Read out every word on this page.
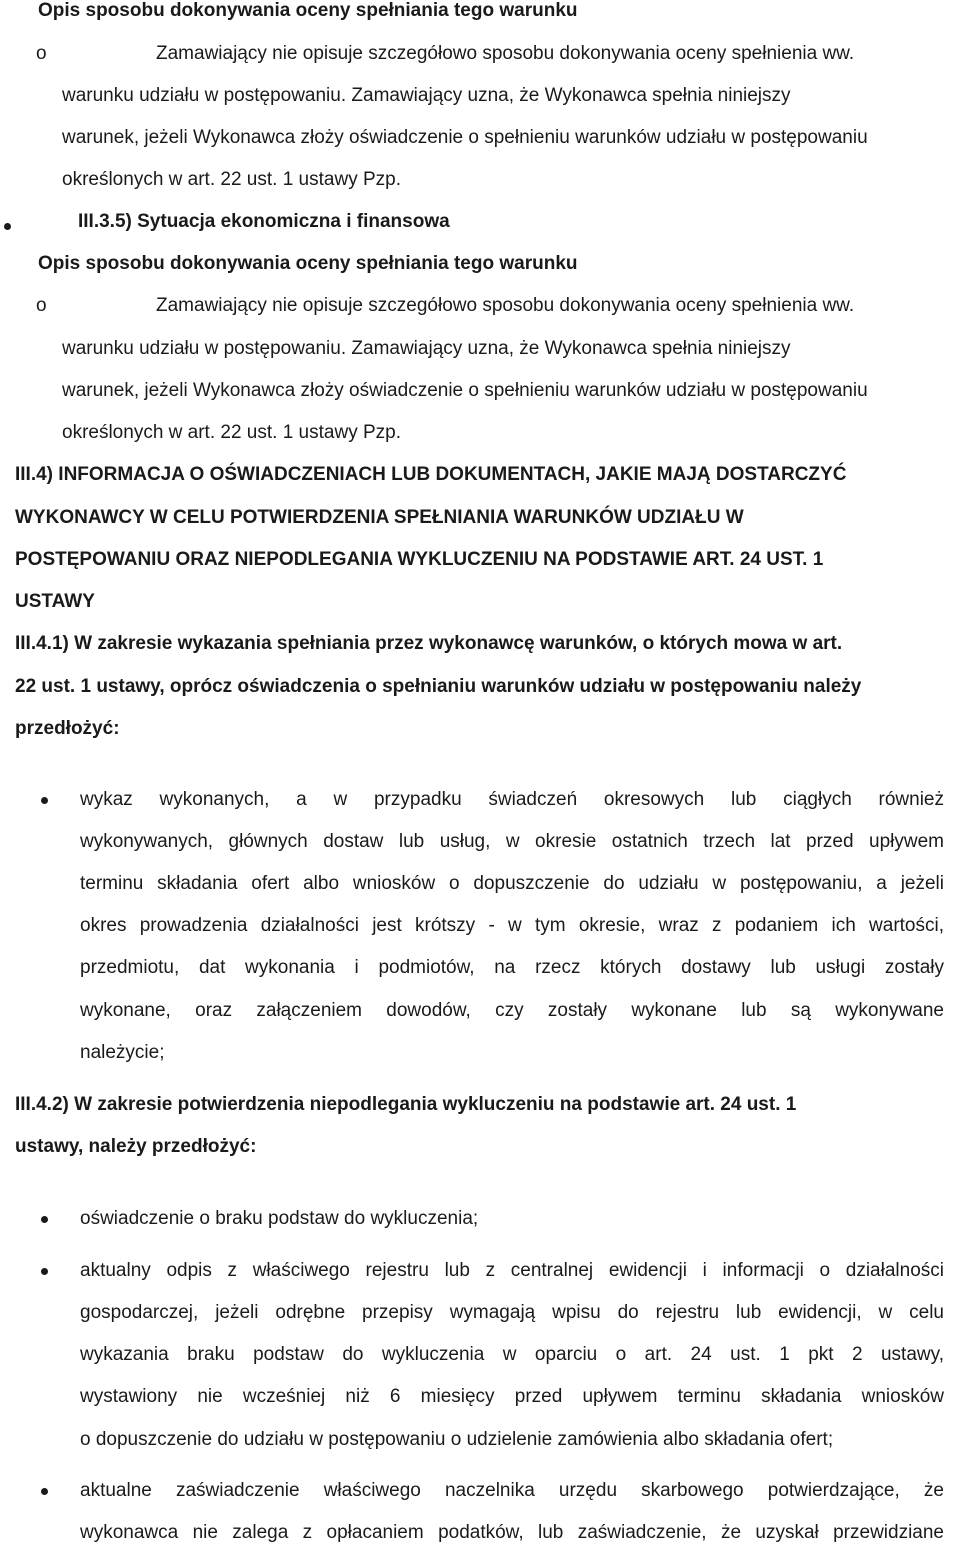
Opis sposobu dokonywania oceny spełniania tego warunku
o	Zamawiający nie opisuje szczegółowo sposobu dokonywania oceny spełnienia ww.
warunku udziału w postępowaniu. Zamawiający uzna, że Wykonawca spełnia niniejszy
warunek, jeżeli Wykonawca złoży oświadczenie o spełnieniu warunków udziału w postępowaniu
określonych w art. 22 ust. 1 ustawy Pzp.
III.3.5) Sytuacja ekonomiczna i finansowa
Opis sposobu dokonywania oceny spełniania tego warunku
o	Zamawiający nie opisuje szczegółowo sposobu dokonywania oceny spełnienia ww.
warunku udziału w postępowaniu. Zamawiający uzna, że Wykonawca spełnia niniejszy
warunek, jeżeli Wykonawca złoży oświadczenie o spełnieniu warunków udziału w postępowaniu
określonych w art. 22 ust. 1 ustawy Pzp.
III.4) INFORMACJA O OŚWIADCZENIACH LUB DOKUMENTACH, JAKIE MAJĄ DOSTARCZYĆ
WYKONAWCY W CELU POTWIERDZENIA SPEŁNIANIA WARUNKÓW UDZIAŁU W
POSTĘPOWANIU ORAZ NIEPODLEGANIA WYKLUCZENIU NA PODSTAWIE ART. 24 UST. 1
USTAWY
III.4.1) W zakresie wykazania spełniania przez wykonawcę warunków, o których mowa w art.
22 ust. 1 ustawy, oprócz oświadczenia o spełnianiu warunków udziału w postępowaniu należy
przedłożyć:
wykaz wykonanych, a w przypadku świadczeń okresowych lub ciągłych również
wykonywanych, głównych dostaw lub usług, w okresie ostatnich trzech lat przed upływem
terminu składania ofert albo wniosków o dopuszczenie do udziału w postępowaniu, a jeżeli
okres prowadzenia działalności jest krótszy - w tym okresie, wraz z podaniem ich wartości,
przedmiotu, dat wykonania i podmiotów, na rzecz których dostawy lub usługi zostały
wykonane, oraz załączeniem dowodów, czy zostały wykonane lub są wykonywane
należycie;
III.4.2) W zakresie potwierdzenia niepodlegania wykluczeniu na podstawie art. 24 ust. 1
ustawy, należy przedłożyć:
oświadczenie o braku podstaw do wykluczenia;
aktualny odpis z właściwego rejestru lub z centralnej ewidencji i informacji o działalności
gospodarczej, jeżeli odrębne przepisy wymagają wpisu do rejestru lub ewidencji, w celu
wykazania braku podstaw do wykluczenia w oparciu o art. 24 ust. 1 pkt 2 ustawy,
wystawiony nie wcześniej niż 6 miesięcy przed upływem terminu składania wniosków
o dopuszczenie do udziału w postępowaniu o udzielenie zamówienia albo składania ofert;
aktualne zaświadczenie właściwego naczelnika urzędu skarbowego potwierdzające, że
wykonawca nie zalega z opłacaniem podatków, lub zaświadczenie, że uzyskał przewidziane
